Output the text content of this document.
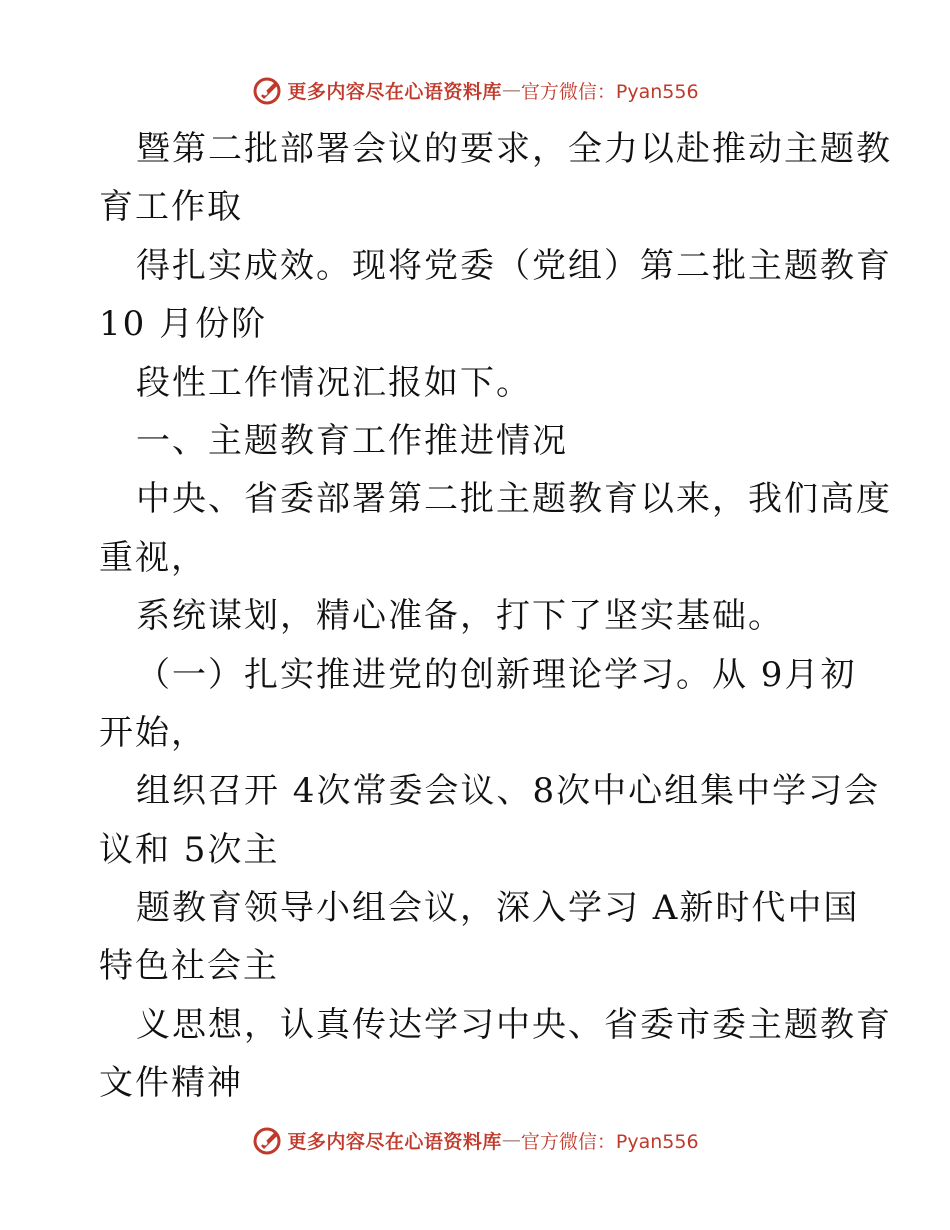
更多内容尽在心语资料库 — 官方微信：Pyan556
暨第二批部署会议的要求，全力以赴推动主题教
育工作取
得扎实成效。现将党委（党组）第二批主题教育
10 月份阶
段性工作情况汇报如下。
一、主题教育工作推进情况
中央、省委部署第二批主题教育以来，我们高度
重视，
系统谋划，精心准备，打下了坚实基础。
（一）扎实推进党的创新理论学习。从 9月初
开始，
组织召开 4次常委会议、8次中心组集中学习会
议和 5次主
题教育领导小组会议，深入学习 A新时代中国
特色社会主
义思想，认真传达学习中央、省委市委主题教育
文件精神
更多内容尽在心语资料库 — 官方微信：Pyan556
